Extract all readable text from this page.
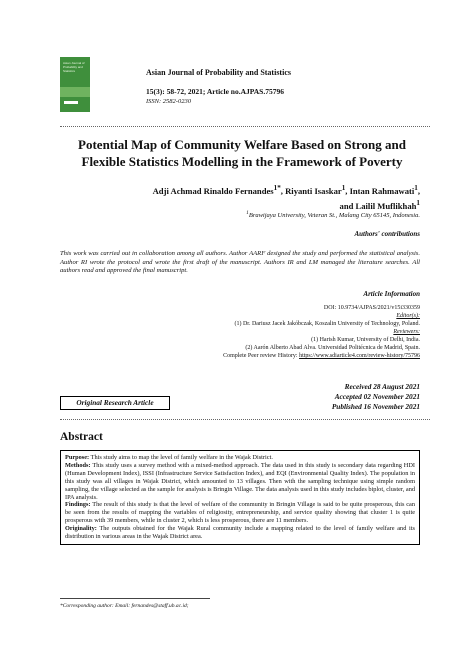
Asian Journal of Probability and Statistics	Asian Journal of Probability and Statistics
15(3): 58-72, 2021; Article no.AJPAS.75796
ISSN: 2582-0230
Potential Map of Community Welfare Based on Strong and Flexible Statistics Modelling in the Framework of Poverty
Adji Achmad Rinaldo Fernandes$^{1*}$, Riyanti Isaskar$^1$, Intan Rahmawati$^1$,
and Lailil Muflikhah$^1$
$^1$Brawijaya University, Veteran St., Malang City 65145, Indonesia.
Authors' contributions
This work was carried out in collaboration among all authors. Author AARF designed the study and performed the statistical analysis. Author RI wrote the protocol and wrote the first draft of the manuscript. Authors IR and LM managed the literature searches. All authors read and approved the final manuscript.
Article Information
DOI: 10.9734/AJPAS/2021/v15i330359
Editor(s):
(1) Dr. Dariusz Jacek Jakóbczak, Koszalin University of Technology, Poland.
Reviewers:
(1) Harish Kumar, University of Delhi, India.
(2) Aarón Alberto Abad Alva. Universidad Politécnica de Madrid, Spain.
Complete Peer review History: https://www.sdiarticle4.com/review-history/75796
Received 28 August 2021
Accepted 02 November 2021
Published 16 November 2021
Original Research Article
Abstract

Purpose: This study aims to map the level of family welfare in the Wajak District.

Methods: This study uses a survey method with a mixed-method approach. The data used in this study is secondary data regarding HDI (Human Development Index), ISSI (Infrastructure Service Satisfaction Index), and EQI (Environmental Quality Index). The population in this study was all villages in Wajak District, which amounted to 13 villages. Then with the sampling technique using simple random sampling, the village selected as the sample for analysis is Bringin Village. The data analysis used in this study includes biplot, cluster, and IPA analysis.

Findings: The result of this study is that the level of welfare of the community in Bringin Village is said to be quite prosperous, this can be seen from the results of mapping the variables of religiosity, entrepreneurship, and service quality showing that cluster 1 is quite prosperous with 39 members, while in cluster 2, which is less prosperous, there are 11 members.

Originality: The outputs obtained for the Wajak Rural community include a mapping related to the level of family welfare and its distribution in various areas in the Wajak District area.

*Corresponding author: Email: fernandes@staff.ub.ac.id;
